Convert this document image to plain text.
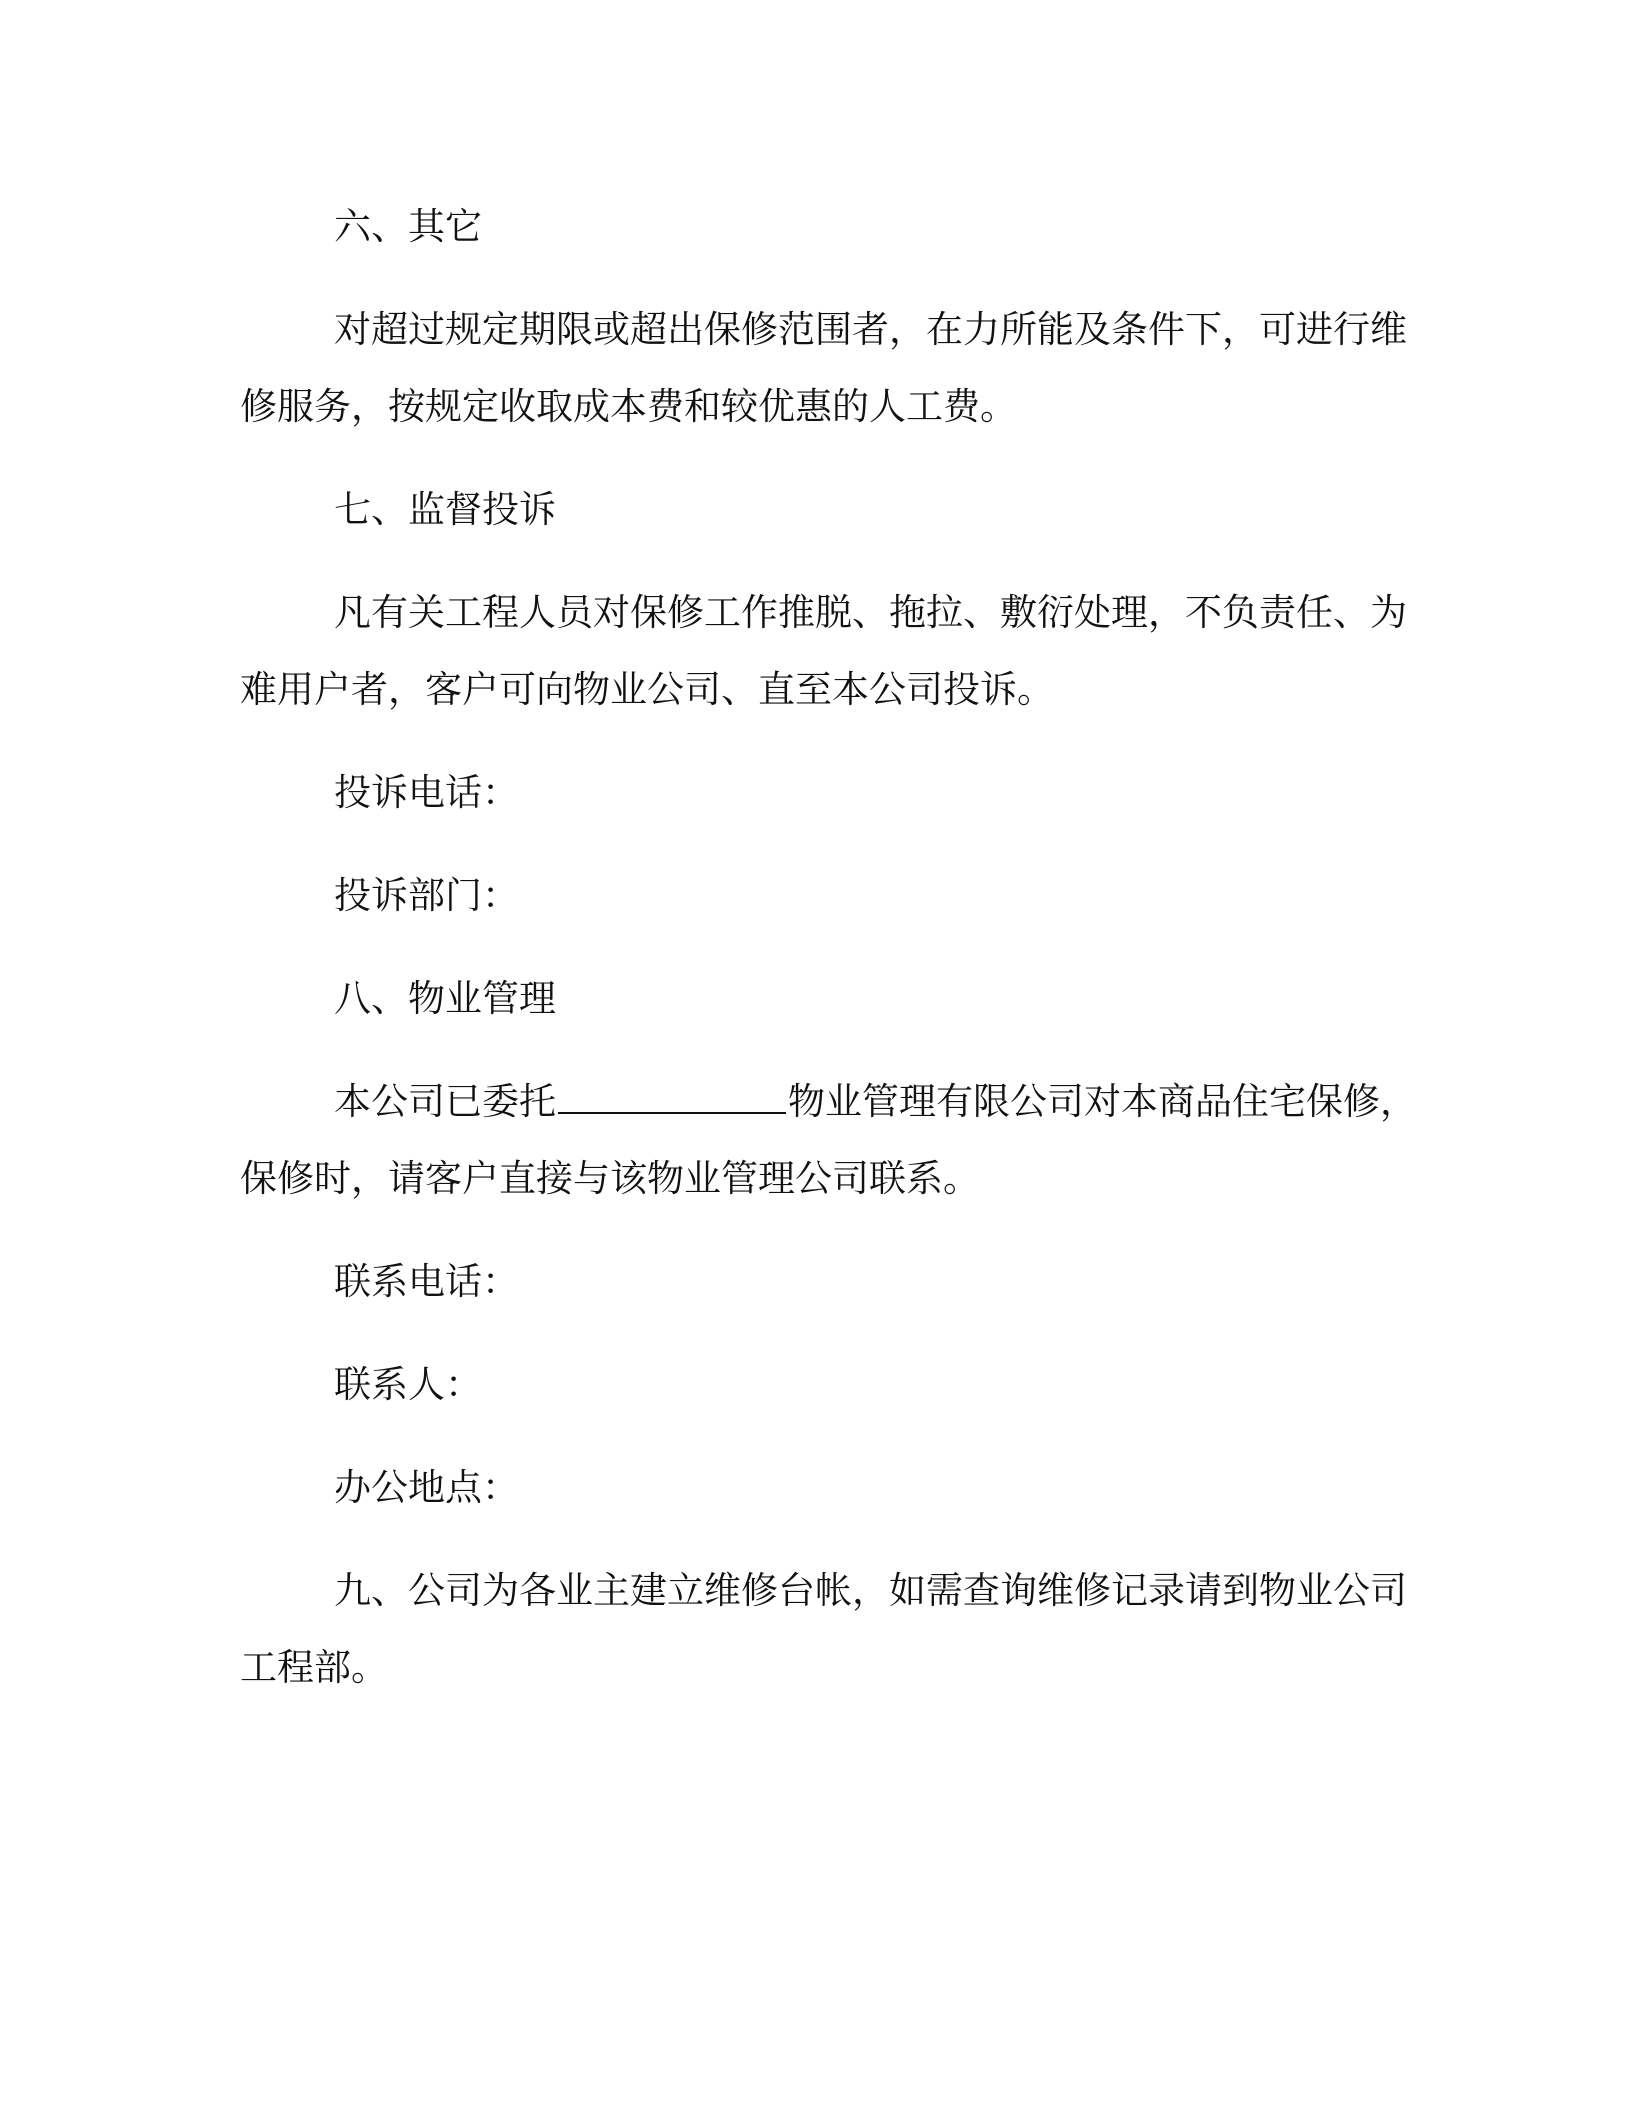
六、其它

对超过规定期限或超出保修范围者，在力所能及条件下，可进行维修服务，按规定收取成本费和较优惠的人工费。

七、监督投诉

凡有关工程人员对保修工作推脱、拖拉、敷衍处理，不负责任、为难用户者，客户可向物业公司、直至本公司投诉。

投诉电话：

投诉部门：

八、物业管理

本公司已委托	物业管理有限公司对本商品住宅保修，保修时，请客户直接与该物业管理公司联系。

联系电话：

联系人：

办公地点：

九、公司为各业主建立维修台帐，如需查询维修记录请到物业公司工程部。
